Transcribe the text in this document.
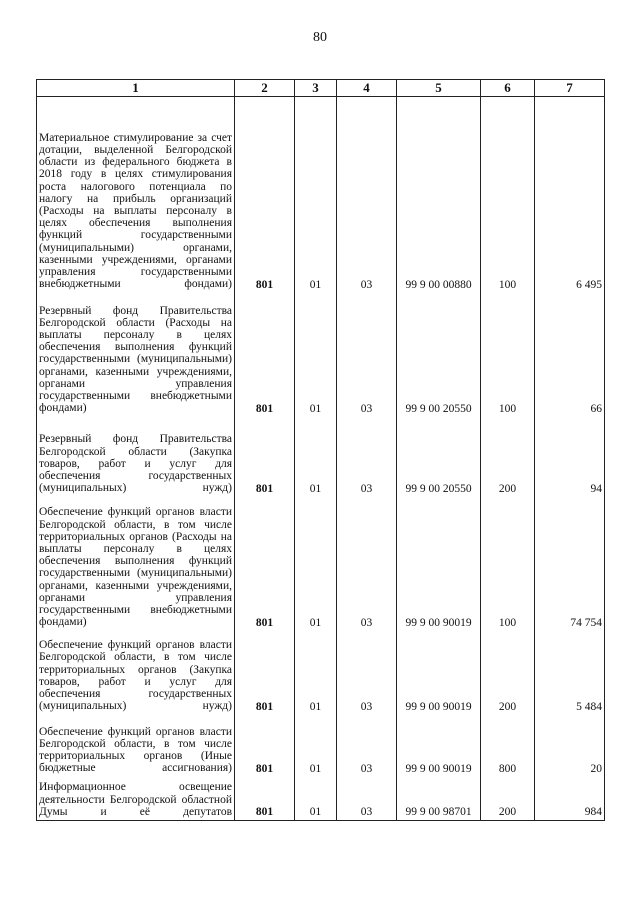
80
1	2	3	4	5	6	7
Материальное стимулирование за счет дотации, выделенной Белгородской области из федерального бюджета в 2018 году в целях стимулирования роста налогового потенциала по налогу на прибыль организаций (Расходы на выплаты персоналу в целях обеспечения выполнения функций государственными (муниципальными) органами, казенными учреждениями, органами управления государственными внебюджетными фондами)	801	01	03	99 9 00 00880	100	6 495
Резервный фонд Правительства Белгородской области (Расходы на выплаты персоналу в целях обеспечения выполнения функций государственными (муниципальными) органами, казенными учреждениями, органами управления государственными внебюджетными фондами)	801	01	03	99 9 00 20550	100	66
Резервный фонд Правительства Белгородской области (Закупка товаров, работ и услуг для обеспечения государственных (муниципальных) нужд)	801	01	03	99 9 00 20550	200	94
Обеспечение функций органов власти Белгородской области, в том числе территориальных органов (Расходы на выплаты персоналу в целях обеспечения выполнения функций государственными (муниципальными) органами, казенными учреждениями, органами управления государственными внебюджетными фондами)	801	01	03	99 9 00 90019	100	74 754
Обеспечение функций органов власти Белгородской области, в том числе территориальных органов (Закупка товаров, работ и услуг для обеспечения государственных (муниципальных) нужд)	801	01	03	99 9 00 90019	200	5 484
Обеспечение функций органов власти Белгородской области, в том числе территориальных органов (Иные бюджетные ассигнования)	801	01	03	99 9 00 90019	800	20
Информационное освещение деятельности Белгородской областной Думы и её депутатов	801	01	03	99 9 00 98701	200	984
